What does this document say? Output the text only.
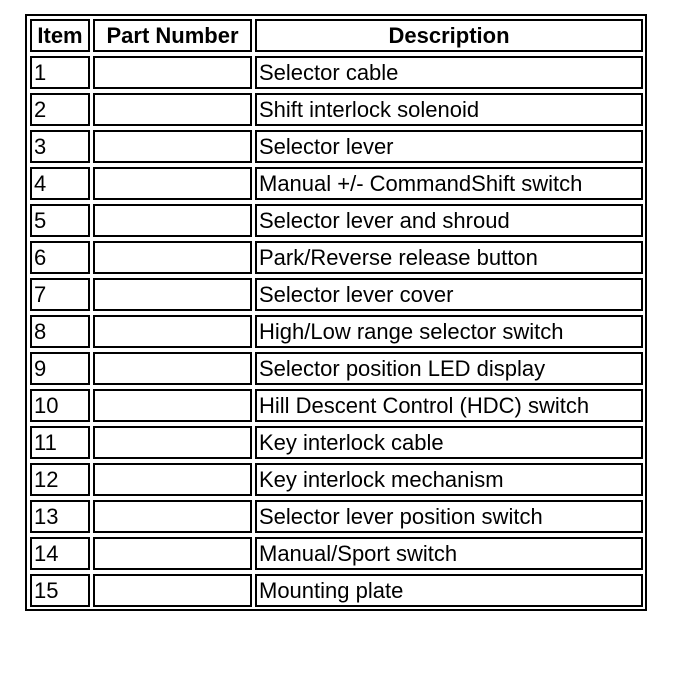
Item	Part Number	Description
1		Selector cable
2		Shift interlock solenoid
3		Selector lever
4		Manual +/- CommandShift switch
5		Selector lever and shroud
6		Park/Reverse release button
7		Selector lever cover
8		High/Low range selector switch
9		Selector position LED display
10		Hill Descent Control (HDC) switch
11		Key interlock cable
12		Key interlock mechanism
13		Selector lever position switch
14		Manual/Sport switch
15		Mounting plate
